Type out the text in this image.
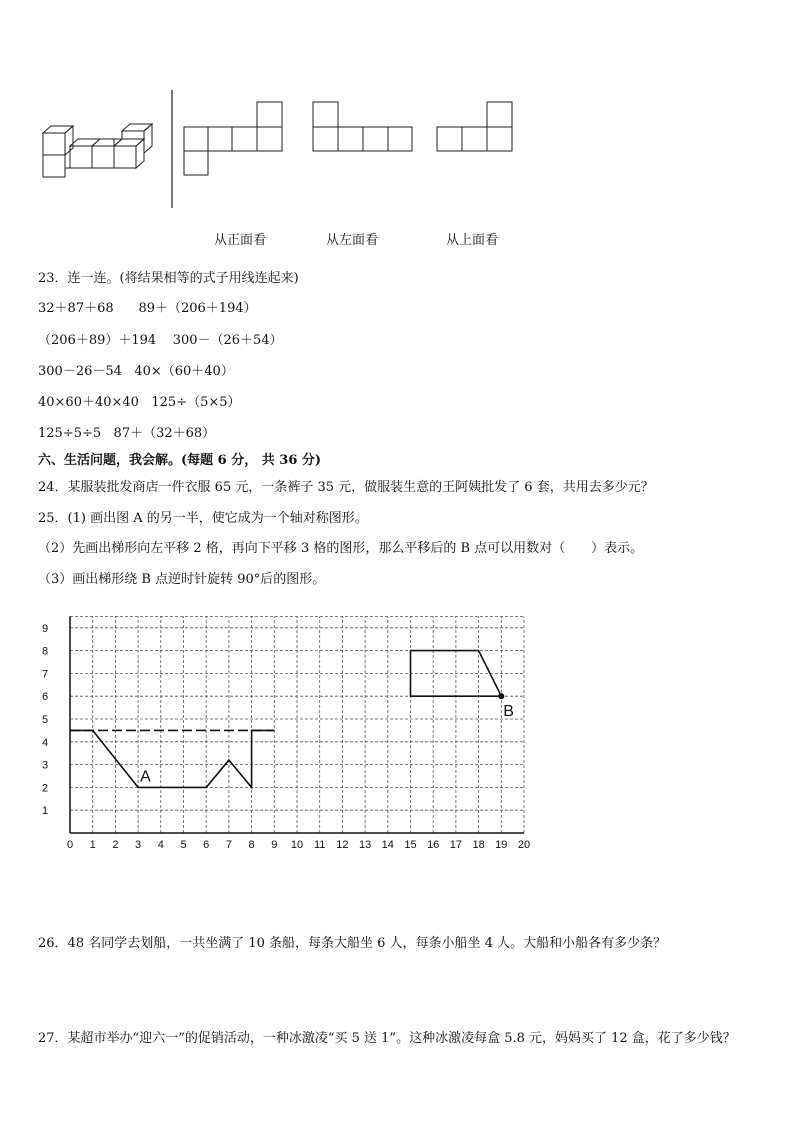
从正面看	从左面看	从上面看
23．连一连。(将结果相等的式子用线连起来)
32＋87＋68 89＋（206＋194）
（206＋89）＋194 300－（26＋54）
300－26－54 40×（60＋40）
40×60＋40×40 125÷（5×5）
125÷5÷5 87＋（32＋68）
六、生活问题，我会解。(每题 6 分， 共 36 分)
24．某服装批发商店一件衣服 65 元，一条裤子 35 元，做服装生意的王阿姨批发了 6 套，共用去多少元？
25．(1) 画出图 A 的另一半，使它成为一个轴对称图形。
（2）先画出梯形向左平移 2 格，再向下平移 3 格的图形，那么平移后的 B 点可以用数对（　　）表示。
（3）画出梯形绕 B 点逆时针旋转 90°后的图形。
0 1 2 3 4 5 6 7 8 9 10 11 12 13 14 15 16 17 18 19 20
1
2
3
4
5
6
7
8
9
A
B
26．48 名同学去划船，一共坐满了 10 条船，每条大船坐 6 人，每条小船坐 4 人。大船和小船各有多少条？
27．某超市举办“迎六一”的促销活动，一种冰激凌“买 5 送 1”。这种冰激凌每盒 5.8 元，妈妈买了 12 盒，花了多少钱？
